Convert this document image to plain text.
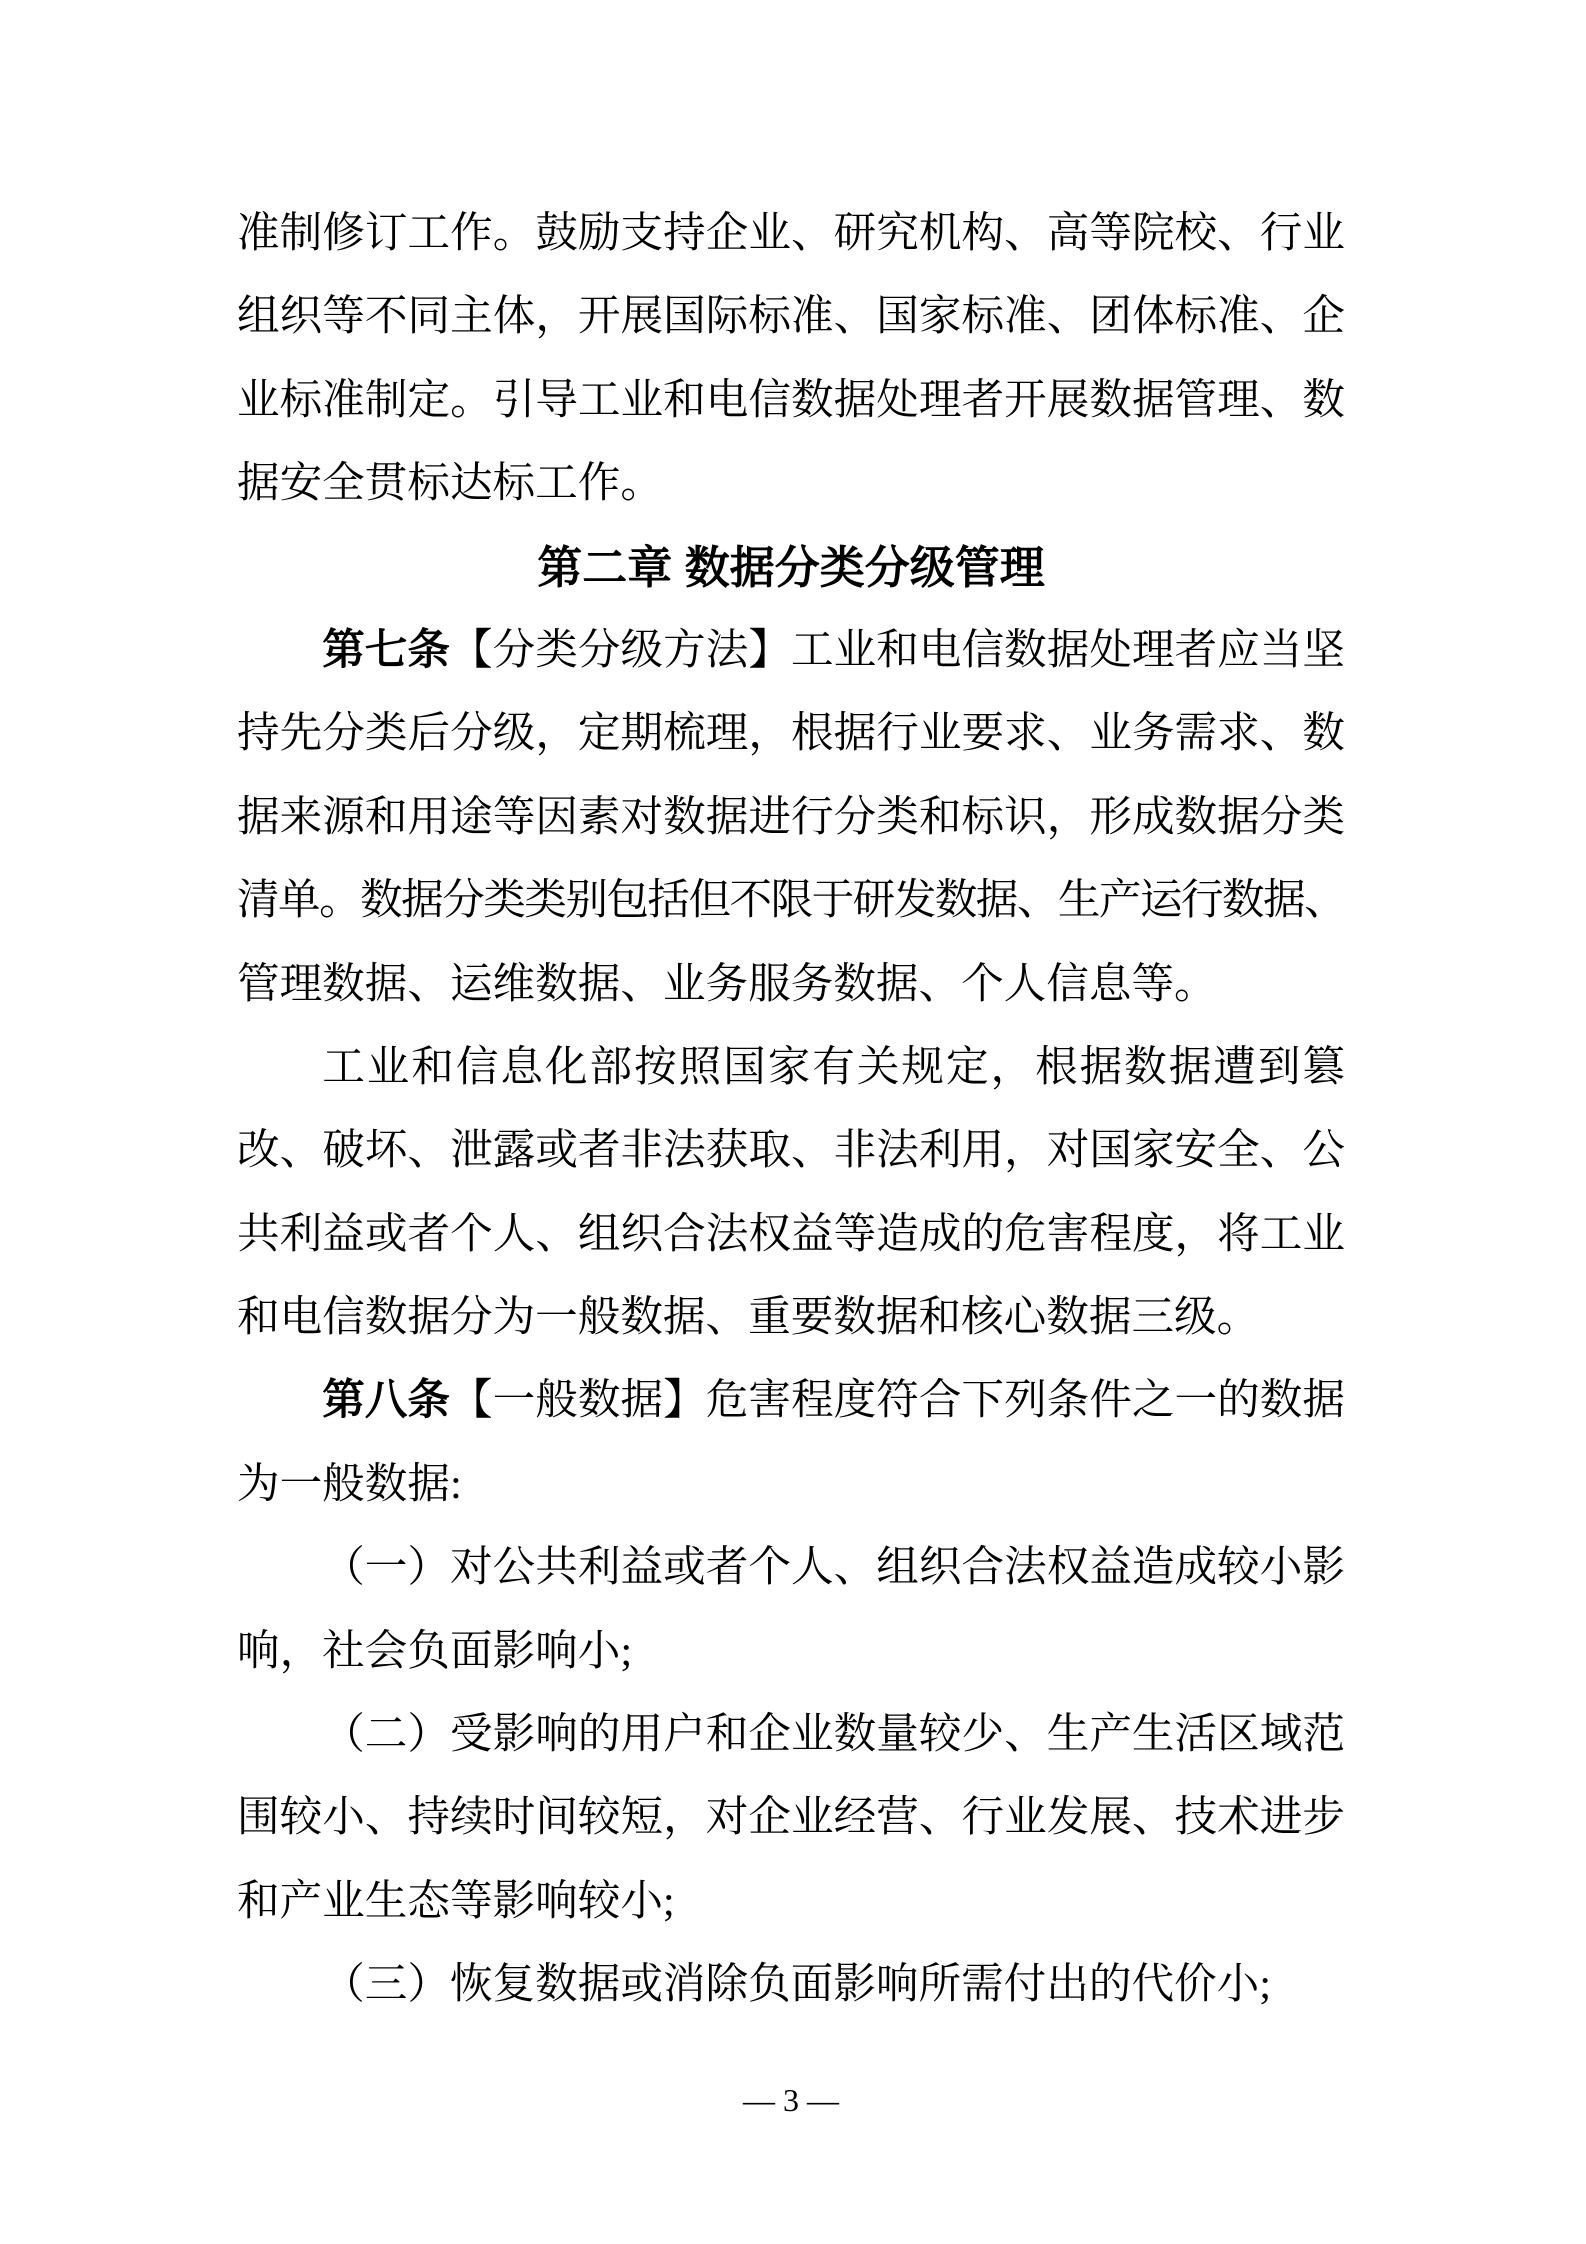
准制修订工作。鼓励支持企业、研究机构、高等院校、行业
组织等不同主体，开展国际标准、国家标准、团体标准、企
业标准制定。引导工业和电信数据处理者开展数据管理、数
据安全贯标达标工作。
第二章 数据分类分级管理
第七条【分类分级方法】工业和电信数据处理者应当坚
持先分类后分级，定期梳理，根据行业要求、业务需求、数
据来源和用途等因素对数据进行分类和标识，形成数据分类
清单。数据分类类别包括但不限于研发数据、生产运行数据、
管理数据、运维数据、业务服务数据、个人信息等。
工业和信息化部按照国家有关规定，根据数据遭到篡
改、破坏、泄露或者非法获取、非法利用，对国家安全、公
共利益或者个人、组织合法权益等造成的危害程度，将工业
和电信数据分为一般数据、重要数据和核心数据三级。
第八条【一般数据】危害程度符合下列条件之一的数据
为一般数据:
（一）对公共利益或者个人、组织合法权益造成较小影
响，社会负面影响小;
（二）受影响的用户和企业数量较少、生产生活区域范
围较小、持续时间较短，对企业经营、行业发展、技术进步
和产业生态等影响较小;
（三）恢复数据或消除负面影响所需付出的代价小;
— 3 —
